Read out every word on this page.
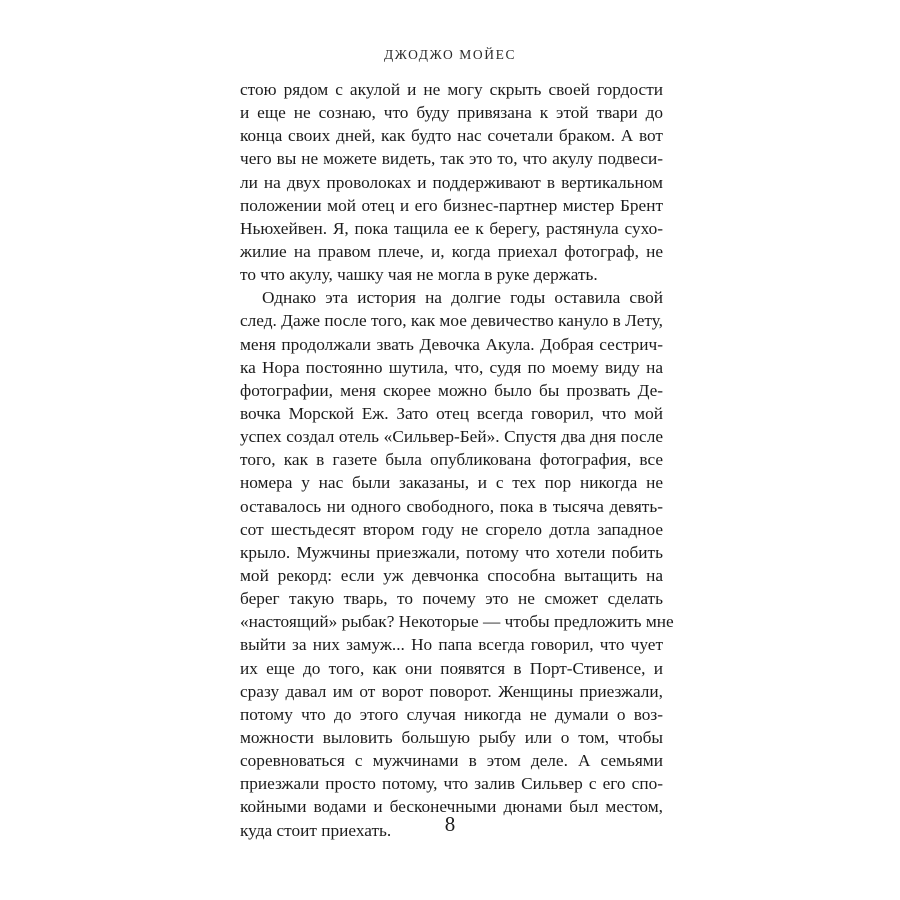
ДЖОДЖО МОЙЕС
стою рядом с акулой и не могу скрыть своей гордости
и еще не сознаю, что буду привязана к этой твари до
конца своих дней, как будто нас сочетали браком. А вот
чего вы не можете видеть, так это то, что акулу подвеси-
ли на двух проволоках и поддерживают в вертикальном
положении мой отец и его бизнес-партнер мистер Брент
Ньюхейвен. Я, пока тащила ее к берегу, растянула сухо-
жилие на правом плече, и, когда приехал фотограф, не
то что акулу, чашку чая не могла в руке держать.
Однако эта история на долгие годы оставила свой
след. Даже после того, как мое девичество кануло в Лету,
меня продолжали звать Девочка Акула. Добрая сестрич-
ка Нора постоянно шутила, что, судя по моему виду на
фотографии, меня скорее можно было бы прозвать Де-
вочка Морской Еж. Зато отец всегда говорил, что мой
успех создал отель «Сильвер-Бей». Спустя два дня после
того, как в газете была опубликована фотография, все
номера у нас были заказаны, и с тех пор никогда не
оставалось ни одного свободного, пока в тысяча девять-
сот шестьдесят втором году не сгорело дотла западное
крыло. Мужчины приезжали, потому что хотели побить
мой рекорд: если уж девчонка способна вытащить на
берег такую тварь, то почему это не сможет сделать
«настоящий» рыбак? Некоторые — чтобы предложить мне
выйти за них замуж... Но папа всегда говорил, что чует
их еще до того, как они появятся в Порт-Стивенсе, и
сразу давал им от ворот поворот. Женщины приезжали,
потому что до этого случая никогда не думали о воз-
можности выловить большую рыбу или о том, чтобы
соревноваться с мужчинами в этом деле. А семьями
приезжали просто потому, что залив Сильвер с его спо-
койными водами и бесконечными дюнами был местом,
куда стоит приехать.	8
